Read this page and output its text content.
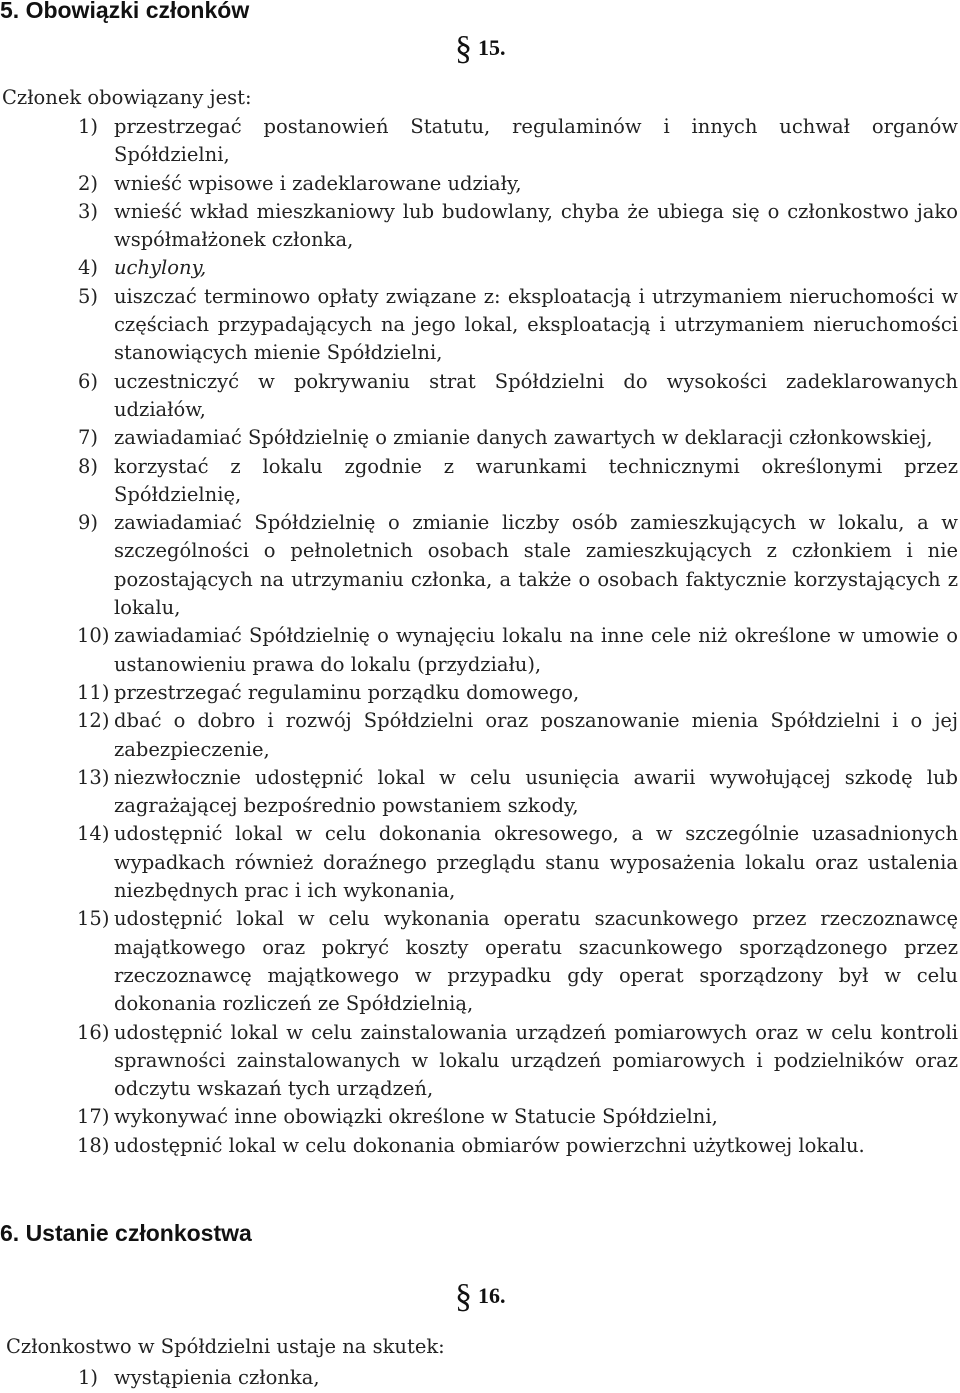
5. Obowiązki członków
§ 15.
Członek obowiązany jest:
1) przestrzegać postanowień Statutu, regulaminów i innych uchwał organów Spółdzielni,
2) wnieść wpisowe i zadeklarowane udziały,
3) wnieść wkład mieszkaniowy lub budowlany, chyba że ubiega się o członkostwo jako współmałżonek członka,
4) uchylony,
5) uiszczać terminowo opłaty związane z: eksploatacją i utrzymaniem nieruchomości w częściach przypadających na jego lokal, eksploatacją i utrzymaniem nieruchomości stanowiących mienie Spółdzielni,
6) uczestniczyć w pokrywaniu strat Spółdzielni do wysokości zadeklarowanych udziałów,
7) zawiadamiać Spółdzielnię o zmianie danych zawartych w deklaracji członkowskiej,
8) korzystać z lokalu zgodnie z warunkami technicznymi określonymi przez Spółdzielnię,
9) zawiadamiać Spółdzielnię o zmianie liczby osób zamieszkujących w lokalu, a w szczególności o pełnoletnich osobach stale zamieszkujących z członkiem i nie pozostających na utrzymaniu członka, a także o osobach faktycznie korzystających z lokalu,
10) zawiadamiać Spółdzielnię o wynajęciu lokalu na inne cele niż określone w umowie o ustanowieniu prawa do lokalu (przydziału),
11) przestrzegać regulaminu porządku domowego,
12) dbać o dobro i rozwój Spółdzielni oraz poszanowanie mienia Spółdzielni i o jej zabezpieczenie,
13) niezwłocznie udostępnić lokal w celu usunięcia awarii wywołującej szkodę lub zagrażającej bezpośrednio powstaniem szkody,
14) udostępnić lokal w celu dokonania okresowego, a w szczególnie uzasadnionych wypadkach również doraźnego przeglądu stanu wyposażenia lokalu oraz ustalenia niezbędnych prac i ich wykonania,
15) udostępnić lokal w celu wykonania operatu szacunkowego przez rzeczoznawcę majątkowego oraz pokryć koszty operatu szacunkowego sporządzonego przez rzeczoznawcę majątkowego w przypadku gdy operat sporządzony był w celu dokonania rozliczeń ze Spółdzielnią,
16) udostępnić lokal w celu zainstalowania urządzeń pomiarowych oraz w celu kontroli sprawności zainstalowanych w lokalu urządzeń pomiarowych i podzielników oraz odczytu wskazań tych urządzeń,
17) wykonywać inne obowiązki określone w Statucie Spółdzielni,
18) udostępnić lokal w celu dokonania obmiarów powierzchni użytkowej lokalu.
6. Ustanie członkostwa
§ 16.
Członkostwo w Spółdzielni ustaje na skutek:
1) wystąpienia członka,
